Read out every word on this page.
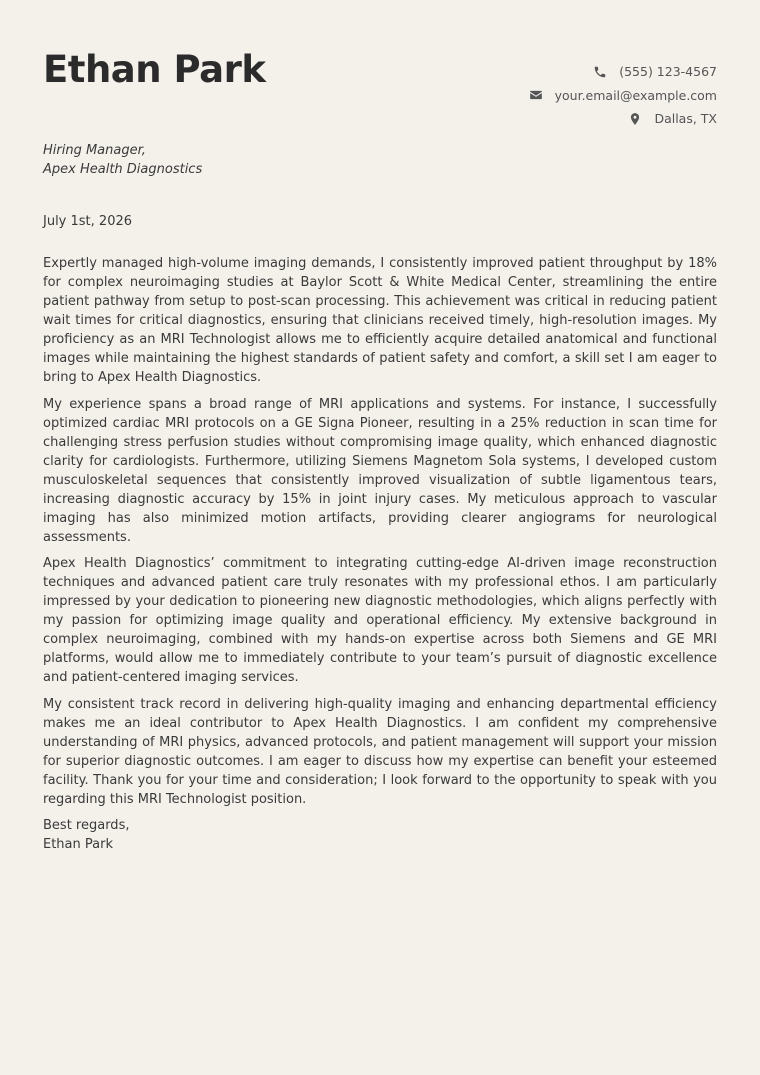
Ethan Park	(555) 123-4567
your.email@example.com
Dallas, TX
Hiring Manager,
Apex Health Diagnostics
July 1st, 2026

Expertly managed high-volume imaging demands, I consistently improved patient throughput by 18% for complex neuroimaging studies at Baylor Scott & White Medical Center, streamlining the entire patient pathway from setup to post-scan processing. This achievement was critical in reducing patient wait times for critical diagnostics, ensuring that clinicians received timely, high-resolution images. My proficiency as an MRI Technologist allows me to efficiently acquire detailed anatomical and functional images while maintaining the highest standards of patient safety and comfort, a skill set I am eager to bring to Apex Health Diagnostics.

My experience spans a broad range of MRI applications and systems. For instance, I successfully optimized cardiac MRI protocols on a GE Signa Pioneer, resulting in a 25% reduction in scan time for challenging stress perfusion studies without compromising image quality, which enhanced diagnostic clarity for cardiologists. Furthermore, utilizing Siemens Magnetom Sola systems, I developed custom musculoskeletal sequences that consistently improved visualization of subtle ligamentous tears, increasing diagnostic accuracy by 15% in joint injury cases. My meticulous approach to vascular imaging has also minimized motion artifacts, providing clearer angiograms for neurological assessments.

Apex Health Diagnostics’ commitment to integrating cutting-edge AI-driven image reconstruction techniques and advanced patient care truly resonates with my professional ethos. I am particularly impressed by your dedication to pioneering new diagnostic methodologies, which aligns perfectly with my passion for optimizing image quality and operational efficiency. My extensive background in complex neuroimaging, combined with my hands-on expertise across both Siemens and GE MRI platforms, would allow me to immediately contribute to your team’s pursuit of diagnostic excellence and patient-centered imaging services.

My consistent track record in delivering high-quality imaging and enhancing departmental efficiency makes me an ideal contributor to Apex Health Diagnostics. I am confident my comprehensive understanding of MRI physics, advanced protocols, and patient management will support your mission for superior diagnostic outcomes. I am eager to discuss how my expertise can benefit your esteemed facility. Thank you for your time and consideration; I look forward to the opportunity to speak with you regarding this MRI Technologist position.

Best regards,
Ethan Park
